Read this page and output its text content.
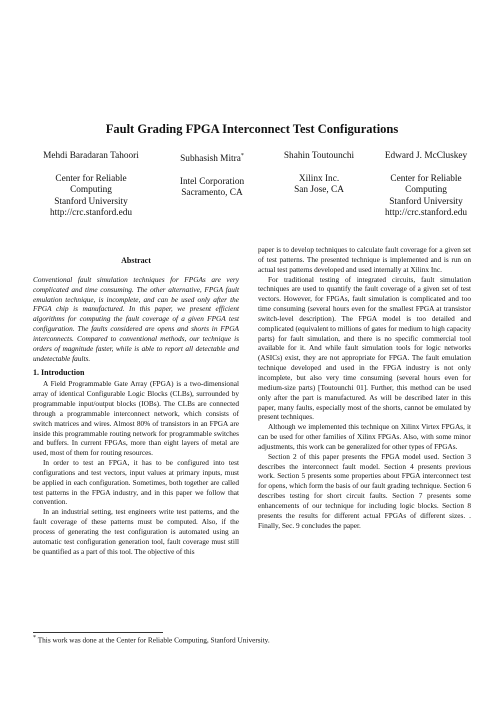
Fault Grading FPGA Interconnect Test Configurations
Mehdi Baradaran Tahoori
Center for Reliable
Computing
Stanford University
http://crc.stanford.edu
Subhasish Mitra*
Intel Corporation
Sacramento, CA
Shahin Toutounchi
Xilinx Inc.
San Jose, CA
Edward J. McCluskey
Center for Reliable
Computing
Stanford University
http://crc.stanford.edu
Abstract

Conventional fault simulation techniques for FPGAs are very complicated and time consuming. The other alternative, FPGA fault emulation technique, is incomplete, and can be used only after the FPGA chip is manufactured. In this paper, we present efficient algorithms for computing the fault coverage of a given FPGA test configuration. The faults considered are opens and shorts in FPGA interconnects. Compared to conventional methods, our technique is orders of magnitude faster, while is able to report all detectable and undetectable faults.

1. Introduction

A Field Programmable Gate Array (FPGA) is a two-dimensional array of identical Configurable Logic Blocks (CLBs), surrounded by programmable input/output blocks (IOBs). The CLBs are connected through a programmable interconnect network, which consists of switch matrices and wires. Almost 80% of transistors in an FPGA are inside this programmable routing network for programmable switches and buffers. In current FPGAs, more than eight layers of metal are used, most of them for routing resources.

In order to test an FPGA, it has to be configured into test configurations and test vectors, input values at primary inputs, must be applied in each configuration. Sometimes, both together are called test patterns in the FPGA industry, and in this paper we follow that convention.

In an industrial setting, test engineers write test patterns, and the fault coverage of these patterns must be computed. Also, if the process of generating the test configuration is automated using an automatic test configuration generation tool, fault coverage must still be quantified as a part of this tool. The objective of this

paper is to develop techniques to calculate fault coverage for a given set of test patterns. The presented technique is implemented and is run on actual test patterns developed and used internally at Xilinx Inc.

For traditional testing of integrated circuits, fault simulation techniques are used to quantify the fault coverage of a given set of test vectors. However, for FPGAs, fault simulation is complicated and too time consuming (several hours even for the smallest FPGA at transistor switch-level description). The FPGA model is too detailed and complicated (equivalent to millions of gates for medium to high capacity parts) for fault simulation, and there is no specific commercial tool available for it. And while fault simulation tools for logic networks (ASICs) exist, they are not appropriate for FPGA. The fault emulation technique developed and used in the FPGA industry is not only incomplete, but also very time consuming (several hours even for medium-size parts) [Toutounchi 01]. Further, this method can be used only after the part is manufactured. As will be described later in this paper, many faults, especially most of the shorts, cannot be emulated by present techniques.

Although we implemented this technique on Xilinx Virtex FPGAs, it can be used for other families of Xilinx FPGAs. Also, with some minor adjustments, this work can be generalized for other types of FPGAs.

Section 2 of this paper presents the FPGA model used. Section 3 describes the interconnect fault model. Section 4 presents previous work. Section 5 presents some properties about FPGA interconnect test for opens, which form the basis of our fault grading technique. Section 6 describes testing for short circuit faults. Section 7 presents some enhancements of our technique for including logic blocks. Section 8 presents the results for different actual FPGAs of different sizes. . Finally, Sec. 9 concludes the paper.

* This work was done at the Center for Reliable Computing, Stanford University.
